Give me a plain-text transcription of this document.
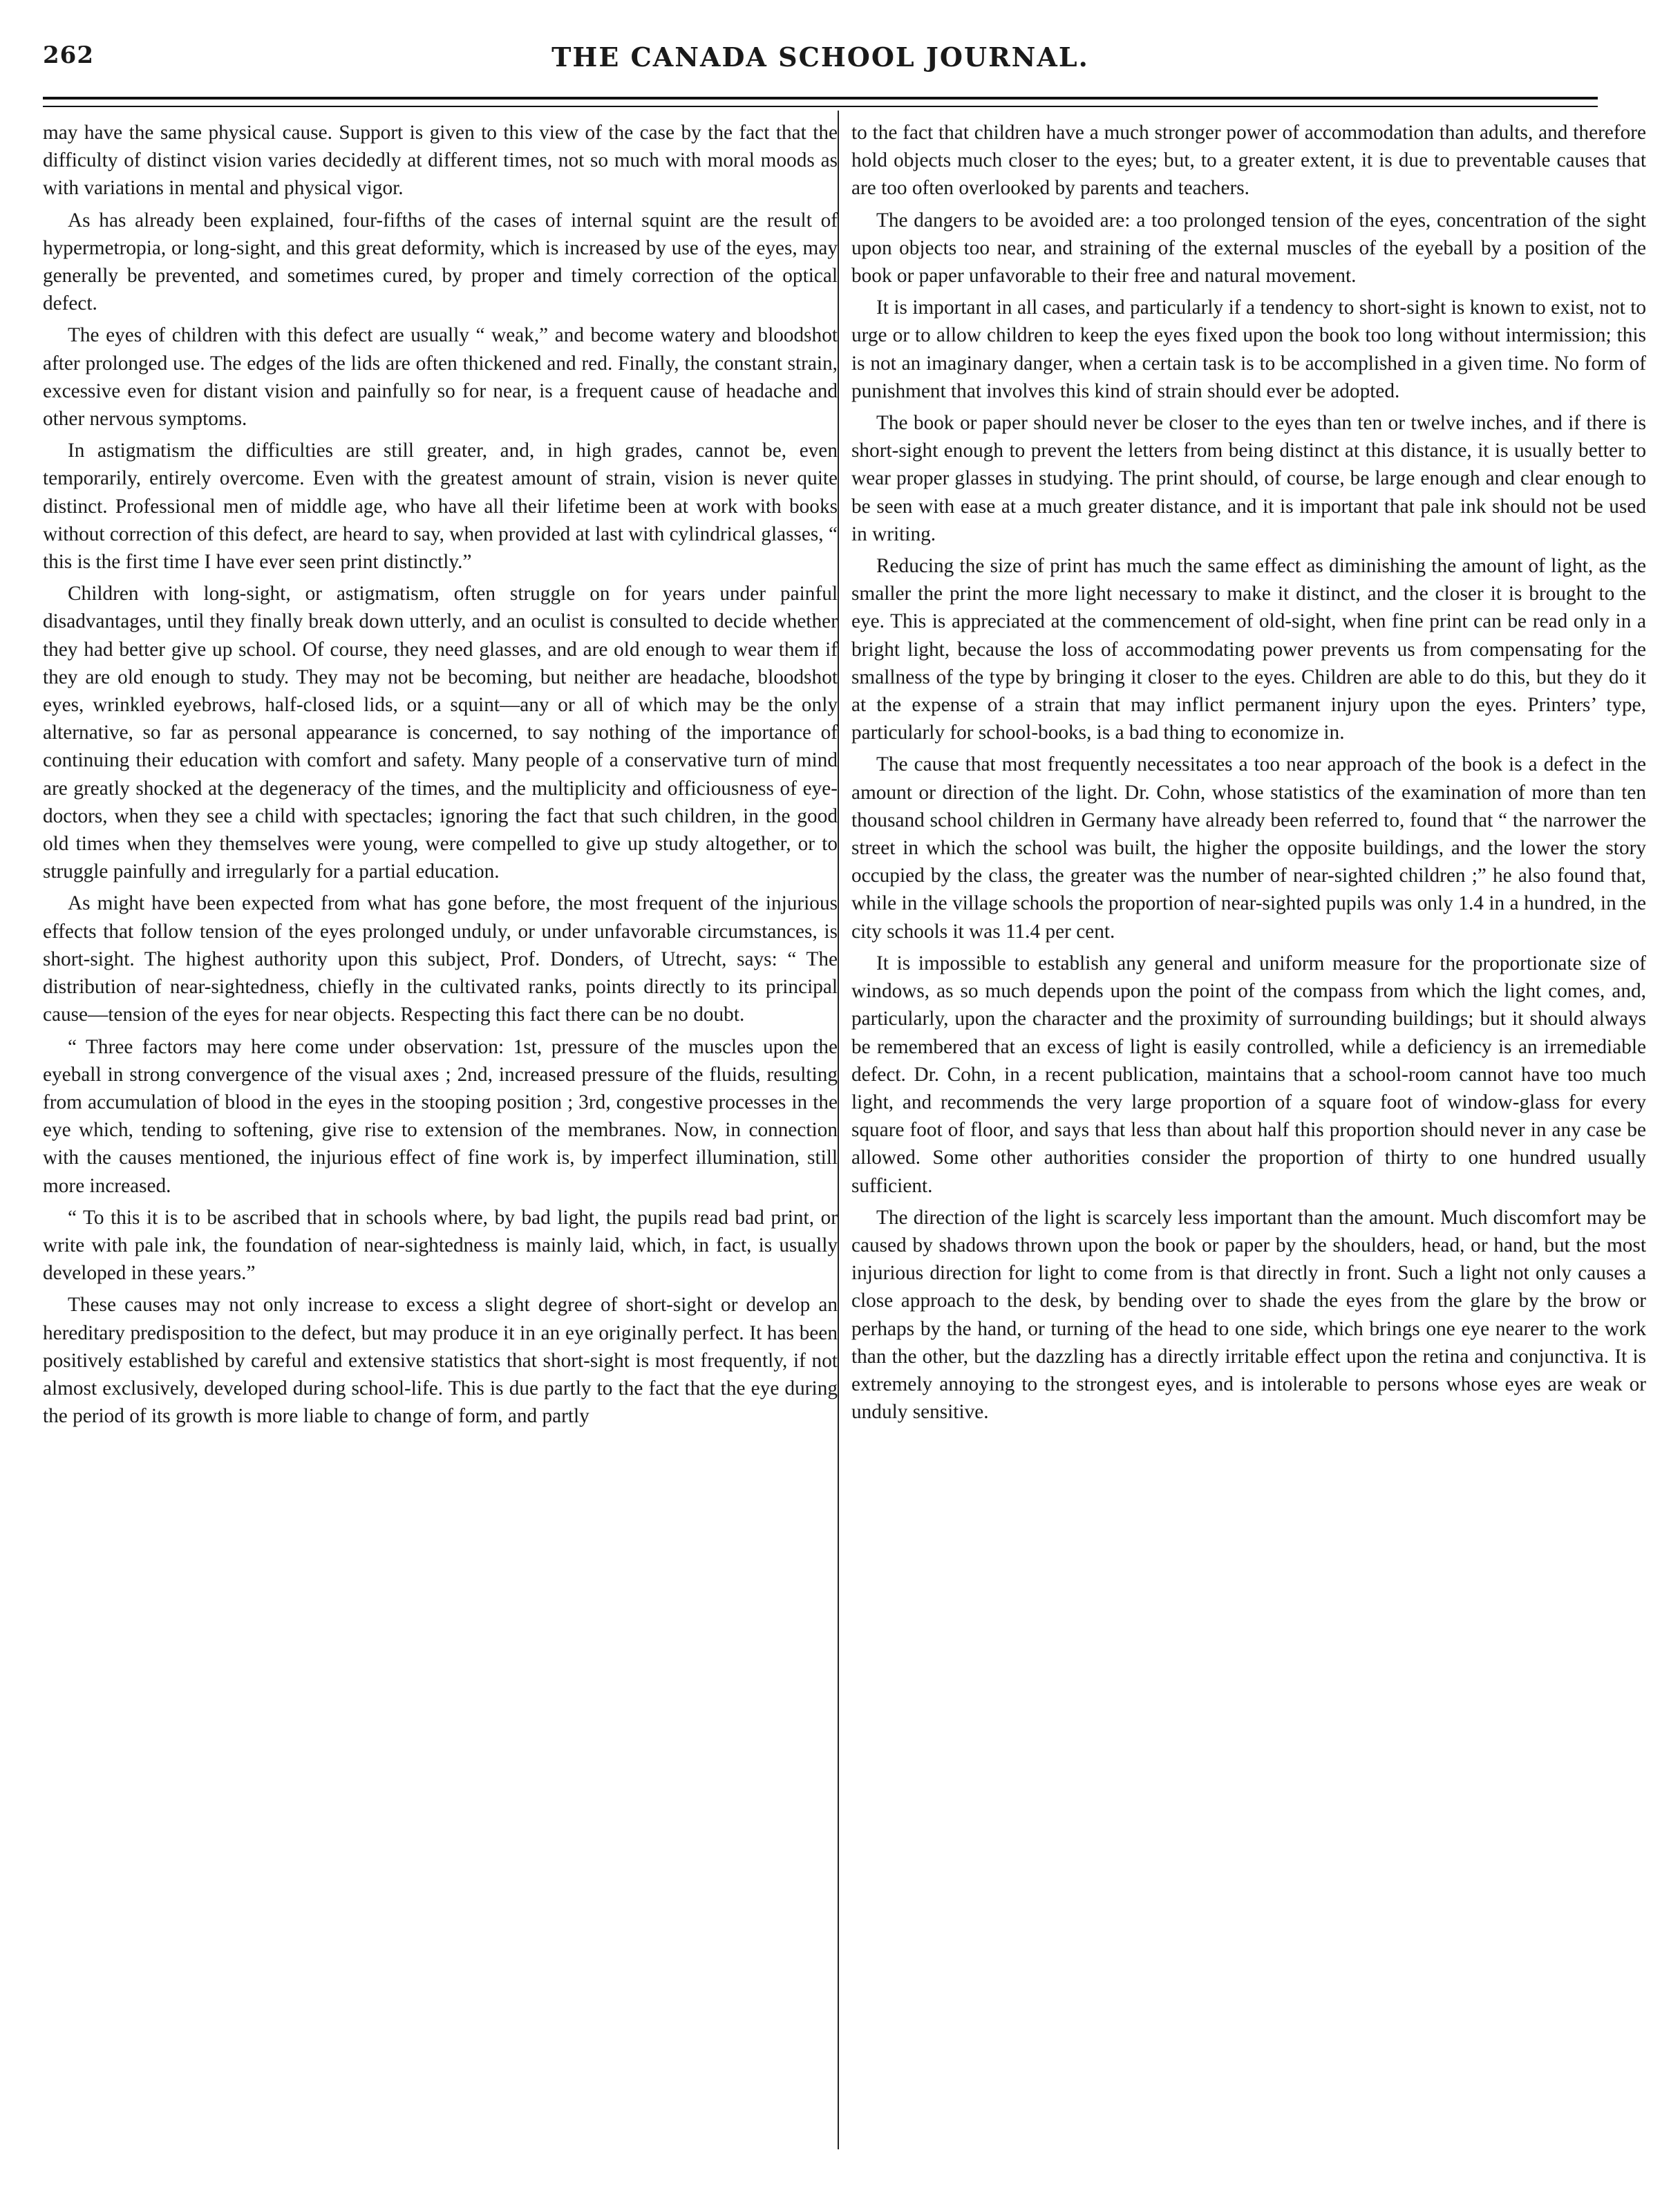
262	THE CANADA SCHOOL JOURNAL.

may have the same physical cause. Support is given to this view of the case by the fact that the difficulty of distinct vision varies decidedly at different times, not so much with moral moods as with variations in mental and physical vigor.

As has already been explained, four-fifths of the cases of internal squint are the result of hypermetropia, or long-sight, and this great deformity, which is increased by use of the eyes, may generally be prevented, and sometimes cured, by proper and timely correction of the optical defect.

The eyes of children with this defect are usually “ weak,” and become watery and bloodshot after prolonged use. The edges of the lids are often thickened and red. Finally, the constant strain, excessive even for distant vision and painfully so for near, is a frequent cause of headache and other nervous symptoms.

In astigmatism the difficulties are still greater, and, in high grades, cannot be, even temporarily, entirely overcome. Even with the greatest amount of strain, vision is never quite distinct. Professional men of middle age, who have all their lifetime been at work with books without correction of this defect, are heard to say, when provided at last with cylindrical glasses, “ this is the first time I have ever seen print distinctly.”

Children with long-sight, or astigmatism, often struggle on for years under painful disadvantages, until they finally break down utterly, and an oculist is consulted to decide whether they had better give up school. Of course, they need glasses, and are old enough to wear them if they are old enough to study. They may not be becoming, but neither are headache, bloodshot eyes, wrinkled eyebrows, half-closed lids, or a squint—any or all of which may be the only alternative, so far as personal appearance is concerned, to say nothing of the importance of continuing their education with comfort and safety. Many people of a conservative turn of mind are greatly shocked at the degeneracy of the times, and the multiplicity and officiousness of eye-doctors, when they see a child with spectacles; ignoring the fact that such children, in the good old times when they themselves were young, were compelled to give up study altogether, or to struggle painfully and irregularly for a partial education.

As might have been expected from what has gone before, the most frequent of the injurious effects that follow tension of the eyes prolonged unduly, or under unfavorable circumstances, is short-sight. The highest authority upon this subject, Prof. Donders, of Utrecht, says: “ The distribution of near-sightedness, chiefly in the cultivated ranks, points directly to its principal cause—tension of the eyes for near objects. Respecting this fact there can be no doubt.

“ Three factors may here come under observation: 1st, pressure of the muscles upon the eyeball in strong convergence of the visual axes ; 2nd, increased pressure of the fluids, resulting from accumulation of blood in the eyes in the stooping position ; 3rd, congestive processes in the eye which, tending to softening, give rise to extension of the membranes. Now, in connection with the causes mentioned, the injurious effect of fine work is, by imperfect illumination, still more increased.

“ To this it is to be ascribed that in schools where, by bad light, the pupils read bad print, or write with pale ink, the foundation of near-sightedness is mainly laid, which, in fact, is usually developed in these years.”

These causes may not only increase to excess a slight degree of short-sight or develop an hereditary predisposition to the defect, but may produce it in an eye originally perfect. It has been positively established by careful and extensive statistics that short-sight is most frequently, if not almost exclusively, developed during school-life. This is due partly to the fact that the eye during the period of its growth is more liable to change of form, and partly

to the fact that children have a much stronger power of accommodation than adults, and therefore hold objects much closer to the eyes; but, to a greater extent, it is due to preventable causes that are too often overlooked by parents and teachers.

The dangers to be avoided are: a too prolonged tension of the eyes, concentration of the sight upon objects too near, and straining of the external muscles of the eyeball by a position of the book or paper unfavorable to their free and natural movement.

It is important in all cases, and particularly if a tendency to short-sight is known to exist, not to urge or to allow children to keep the eyes fixed upon the book too long without intermission; this is not an imaginary danger, when a certain task is to be accomplished in a given time. No form of punishment that involves this kind of strain should ever be adopted.

The book or paper should never be closer to the eyes than ten or twelve inches, and if there is short-sight enough to prevent the letters from being distinct at this distance, it is usually better to wear proper glasses in studying. The print should, of course, be large enough and clear enough to be seen with ease at a much greater distance, and it is important that pale ink should not be used in writing.

Reducing the size of print has much the same effect as diminishing the amount of light, as the smaller the print the more light necessary to make it distinct, and the closer it is brought to the eye. This is appreciated at the commencement of old-sight, when fine print can be read only in a bright light, because the loss of accommodating power prevents us from compensating for the smallness of the type by bringing it closer to the eyes. Children are able to do this, but they do it at the expense of a strain that may inflict permanent injury upon the eyes. Printers’ type, particularly for school-books, is a bad thing to economize in.

The cause that most frequently necessitates a too near approach of the book is a defect in the amount or direction of the light. Dr. Cohn, whose statistics of the examination of more than ten thousand school children in Germany have already been referred to, found that “ the narrower the street in which the school was built, the higher the opposite buildings, and the lower the story occupied by the class, the greater was the number of near-sighted children ;” he also found that, while in the village schools the proportion of near-sighted pupils was only 1.4 in a hundred, in the city schools it was 11.4 per cent.

It is impossible to establish any general and uniform measure for the proportionate size of windows, as so much depends upon the point of the compass from which the light comes, and, particularly, upon the character and the proximity of surrounding buildings; but it should always be remembered that an excess of light is easily controlled, while a deficiency is an irremediable defect. Dr. Cohn, in a recent publication, maintains that a school-room cannot have too much light, and recommends the very large proportion of a square foot of window-glass for every square foot of floor, and says that less than about half this proportion should never in any case be allowed. Some other authorities consider the proportion of thirty to one hundred usually sufficient.

The direction of the light is scarcely less important than the amount. Much discomfort may be caused by shadows thrown upon the book or paper by the shoulders, head, or hand, but the most injurious direction for light to come from is that directly in front. Such a light not only causes a close approach to the desk, by bending over to shade the eyes from the glare by the brow or perhaps by the hand, or turning of the head to one side, which brings one eye nearer to the work than the other, but the dazzling has a directly irritable effect upon the retina and conjunctiva. It is extremely annoying to the strongest eyes, and is intolerable to persons whose eyes are weak or unduly sensitive.
